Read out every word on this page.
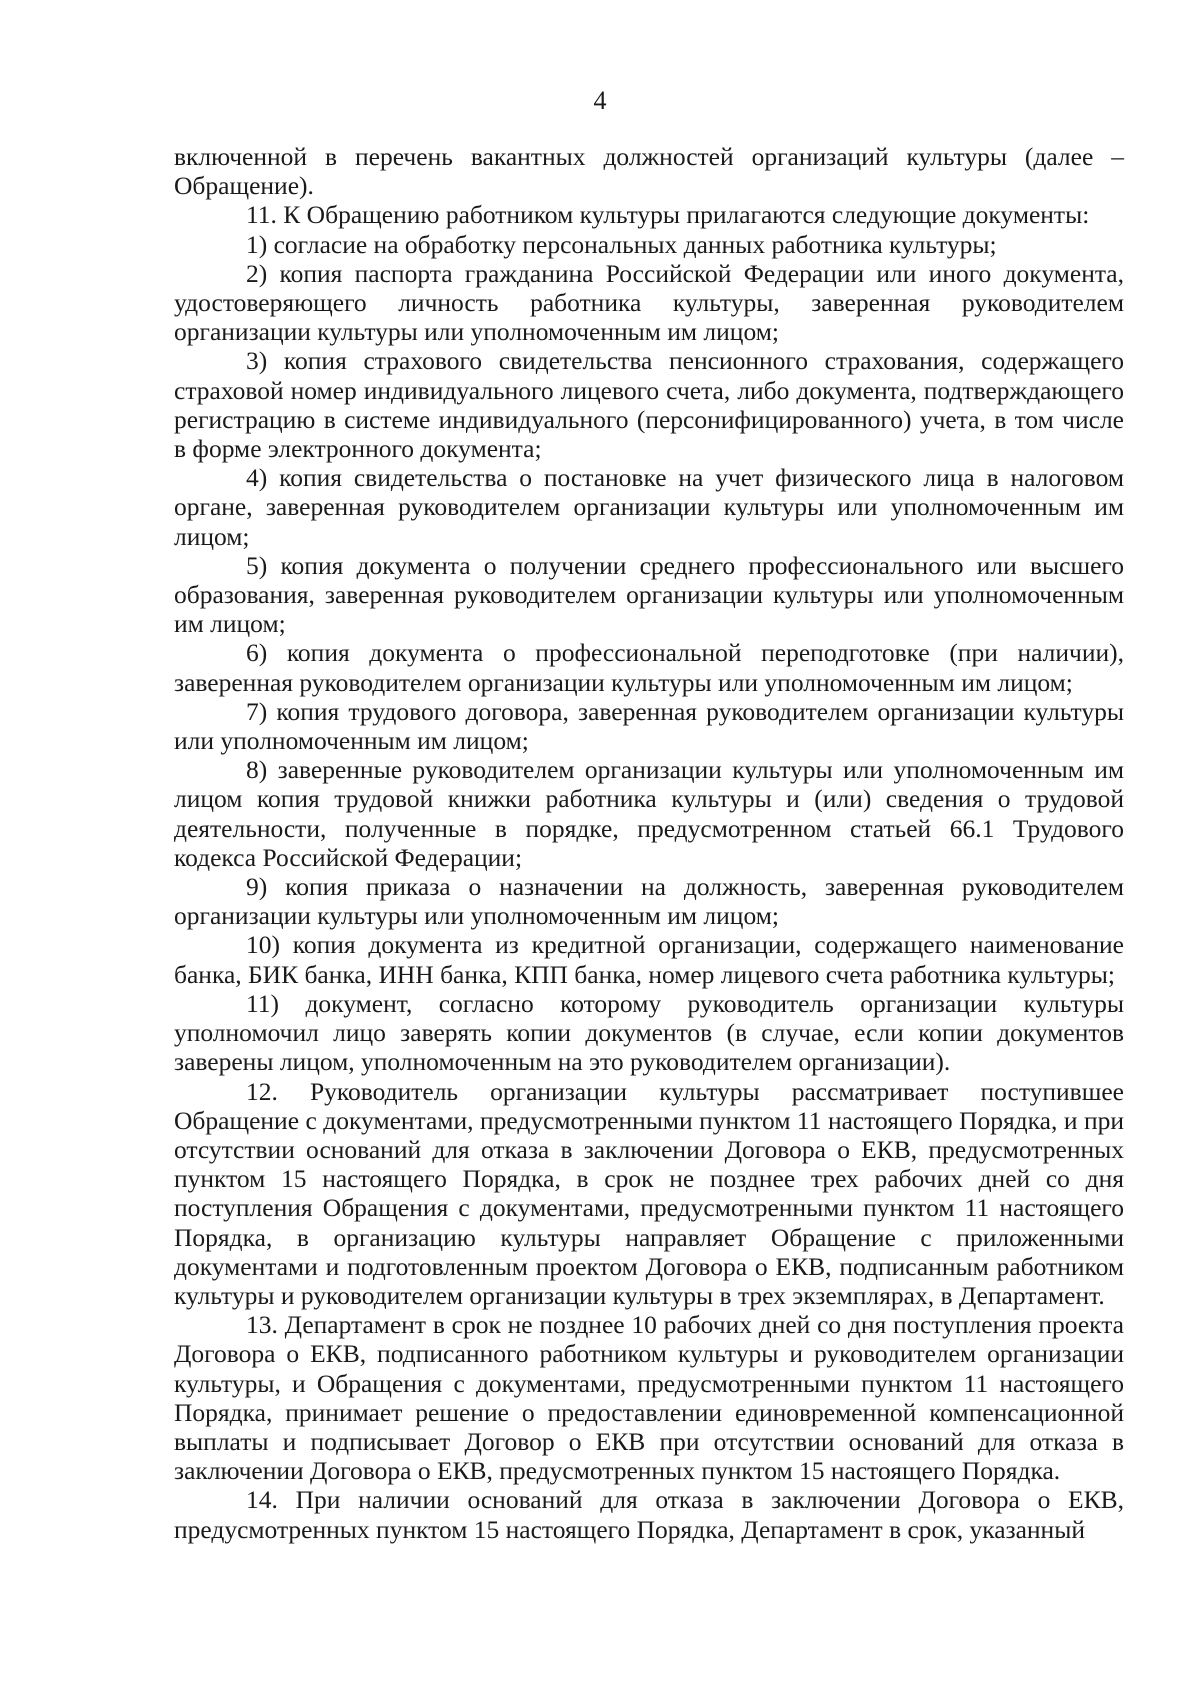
4

включенной в перечень вакантных должностей организаций культуры (далее – Обращение).

11. К Обращению работником культуры прилагаются следующие документы:

1) согласие на обработку персональных данных работника культуры;

2) копия паспорта гражданина Российской Федерации или иного документа, удостоверяющего личность работника культуры, заверенная руководителем организации культуры или уполномоченным им лицом;

3) копия страхового свидетельства пенсионного страхования, содержащего страховой номер индивидуального лицевого счета, либо документа, подтверждающего регистрацию в системе индивидуального (персонифицированного) учета, в том числе в форме электронного документа;

4) копия свидетельства о постановке на учет физического лица в налоговом органе, заверенная руководителем организации культуры или уполномоченным им лицом;

5) копия документа о получении среднего профессионального или высшего образования, заверенная руководителем организации культуры или уполномоченным им лицом;

6) копия документа о профессиональной переподготовке (при наличии), заверенная руководителем организации культуры или уполномоченным им лицом;

7) копия трудового договора, заверенная руководителем организации культуры или уполномоченным им лицом;

8) заверенные руководителем организации культуры или уполномоченным им лицом копия трудовой книжки работника культуры и (или) сведения о трудовой деятельности, полученные в порядке, предусмотренном статьей 66.1 Трудового кодекса Российской Федерации;

9) копия приказа о назначении на должность, заверенная руководителем организации культуры или уполномоченным им лицом;

10) копия документа из кредитной организации, содержащего наименование банка, БИК банка, ИНН банка, КПП банка, номер лицевого счета работника культуры;

11) документ, согласно которому руководитель организации культуры уполномочил лицо заверять копии документов (в случае, если копии документов заверены лицом, уполномоченным на это руководителем организации).

12. Руководитель организации культуры рассматривает поступившее Обращение с документами, предусмотренными пунктом 11 настоящего Порядка, и при отсутствии оснований для отказа в заключении Договора о ЕКВ, предусмотренных пунктом 15 настоящего Порядка, в срок не позднее трех рабочих дней со дня поступления Обращения с документами, предусмотренными пунктом 11 настоящего Порядка, в организацию культуры направляет Обращение с приложенными документами и подготовленным проектом Договора о ЕКВ, подписанным работником культуры и руководителем организации культуры в трех экземплярах, в Департамент.

13. Департамент в срок не позднее 10 рабочих дней со дня поступления проекта Договора о ЕКВ, подписанного работником культуры и руководителем организации культуры, и Обращения с документами, предусмотренными пунктом 11 настоящего Порядка, принимает решение о предоставлении единовременной компенсационной выплаты и подписывает Договор о ЕКВ при отсутствии оснований для отказа в заключении Договора о ЕКВ, предусмотренных пунктом 15 настоящего Порядка.

14. При наличии оснований для отказа в заключении Договора о ЕКВ, предусмотренных пунктом 15 настоящего Порядка, Департамент в срок, указанный
